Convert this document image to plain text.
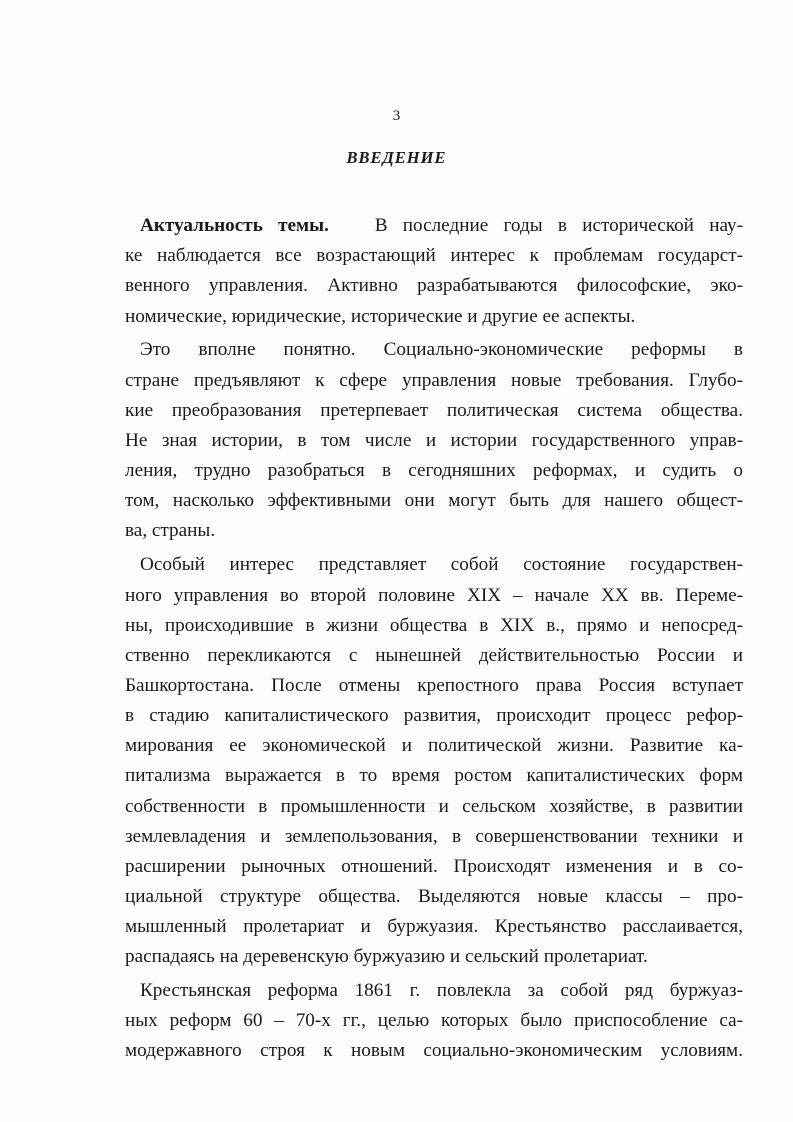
3
ВВЕДЕНИЕ
Актуальность темы. В последние годы в исторической нау-
ке наблюдается все возрастающий интерес к проблемам государст-
венного управления. Активно разрабатываются философские, эко-
номические, юридические, исторические и другие ее аспекты.
Это вполне понятно. Социально-экономические реформы в
стране предъявляют к сфере управления новые требования. Глубо-
кие преобразования претерпевает политическая система общества.
Не зная истории, в том числе и истории государственного управ-
ления, трудно разобраться в сегодняшних реформах, и судить о
том, насколько эффективными они могут быть для нашего общест-
ва, страны.
Особый интерес представляет собой состояние государствен-
ного управления во второй половине XIX – начале XX вв. Переме-
ны, происходившие в жизни общества в XIX в., прямо и непосред-
ственно перекликаются с нынешней действительностью России и
Башкортостана. После отмены крепостного права Россия вступает
в стадию капиталистического развития, происходит процесс рефор-
мирования ее экономической и политической жизни. Развитие ка-
питализма выражается в то время ростом капиталистических форм
собственности в промышленности и сельском хозяйстве, в развитии
землевладения и землепользования, в совершенствовании техники и
расширении рыночных отношений. Происходят изменения и в со-
циальной структуре общества. Выделяются новые классы – про-
мышленный пролетариат и буржуазия. Крестьянство расслаивается,
распадаясь на деревенскую буржуазию и сельский пролетариат.
Крестьянская реформа 1861 г. повлекла за собой ряд буржуаз-
ных реформ 60 – 70-х гг., целью которых было приспособление са-
модержавного строя к новым социально-экономическим условиям.
